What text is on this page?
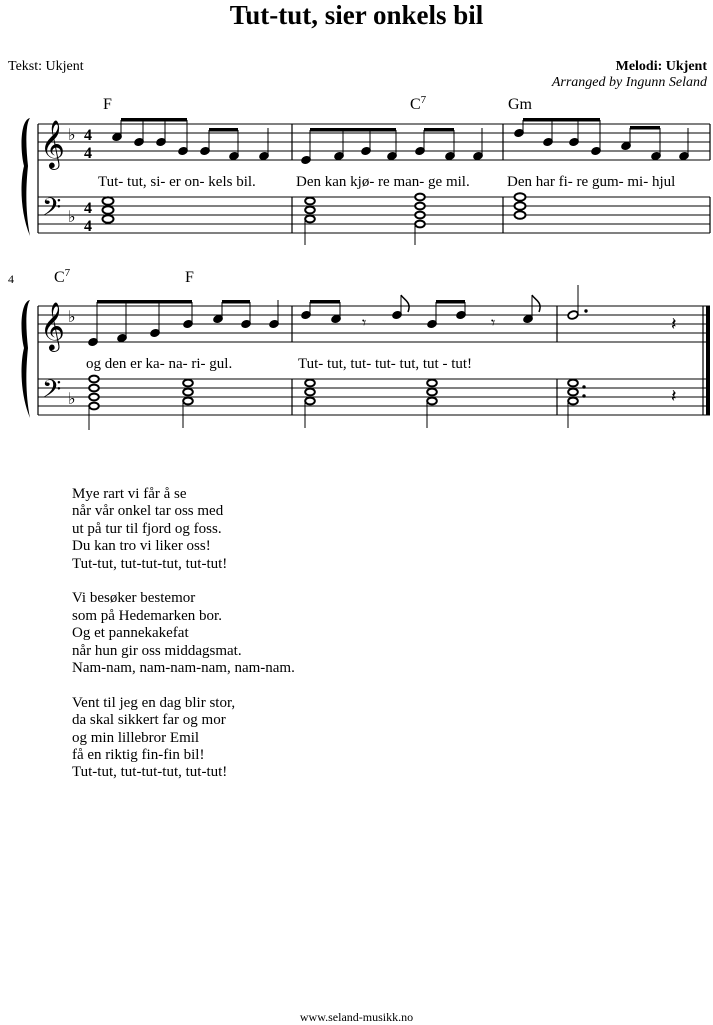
Tut-tut, sier onkels bil
Tekst: Ukjent	Melodi: Ukjent
Arranged by Ingunn Seland
𝄞
𝄢
♭
♭
4
4
4
4
F	$C^7$	Gm
Tut- tut, si- er on- kels bil.	Den kan kjø- re man- ge mil. Den har fi- re gum- mi- hjul
4
𝄞
𝄢
♭
♭
$C^7$	F
𝄾	𝄾	𝄽
og den er ka- na- ri- gul.	Tut- tut, tut- tut- tut, tut - tut!
𝄽
Mye rart vi får å se
når vår onkel tar oss med
ut på tur til fjord og foss.
Du kan tro vi liker oss!
Tut-tut, tut-tut-tut, tut-tut!
Vi besøker bestemor
som på Hedemarken bor.
Og et pannekakefat
når hun gir oss middagsmat.
Nam-nam, nam-nam-nam, nam-nam.
Vent til jeg en dag blir stor,
da skal sikkert far og mor
og min lillebror Emil
få en riktig fin-fin bil!
Tut-tut, tut-tut-tut, tut-tut!
www.seland-musikk.no
